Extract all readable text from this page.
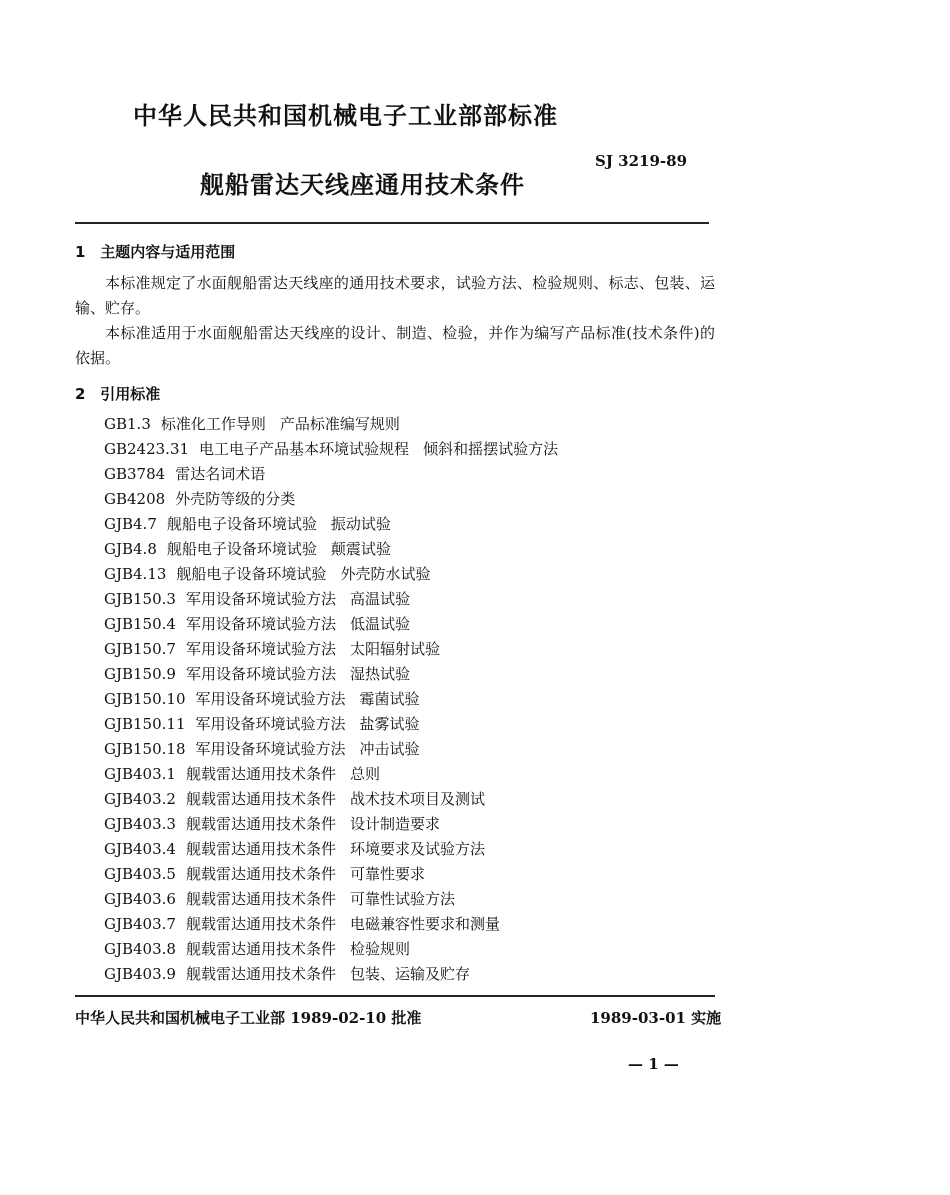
中华人民共和国机械电子工业部部标准
SJ 3219-89
舰船雷达天线座通用技术条件
1 主题内容与适用范围
本标准规定了水面舰船雷达天线座的通用技术要求，试验方法、检验规则、标志、包装、运输、贮存。
本标准适用于水面舰船雷达天线座的设计、制造、检验，并作为编写产品标准(技术条件)的依据。
2 引用标准
GB1.3 标准化工作导则 产品标准编写规则
GB2423.31 电工电子产品基本环境试验规程 倾斜和摇摆试验方法
GB3784 雷达名词术语
GB4208 外壳防等级的分类
GJB4.7 舰船电子设备环境试验 振动试验
GJB4.8 舰船电子设备环境试验 颠震试验
GJB4.13 舰船电子设备环境试验 外壳防水试验
GJB150.3 军用设备环境试验方法 高温试验
GJB150.4 军用设备环境试验方法 低温试验
GJB150.7 军用设备环境试验方法 太阳辐射试验
GJB150.9 军用设备环境试验方法 湿热试验
GJB150.10 军用设备环境试验方法 霉菌试验
GJB150.11 军用设备环境试验方法 盐雾试验
GJB150.18 军用设备环境试验方法 冲击试验
GJB403.1 舰载雷达通用技术条件 总则
GJB403.2 舰载雷达通用技术条件 战术技术项目及测试
GJB403.3 舰载雷达通用技术条件 设计制造要求
GJB403.4 舰载雷达通用技术条件 环境要求及试验方法
GJB403.5 舰载雷达通用技术条件 可靠性要求
GJB403.6 舰载雷达通用技术条件 可靠性试验方法
GJB403.7 舰载雷达通用技术条件 电磁兼容性要求和测量
GJB403.8 舰载雷达通用技术条件 检验规则
GJB403.9 舰载雷达通用技术条件 包装、运输及贮存
中华人民共和国机械电子工业部 1989-02-10 批准	1989-03-01 实施
— 1 —
